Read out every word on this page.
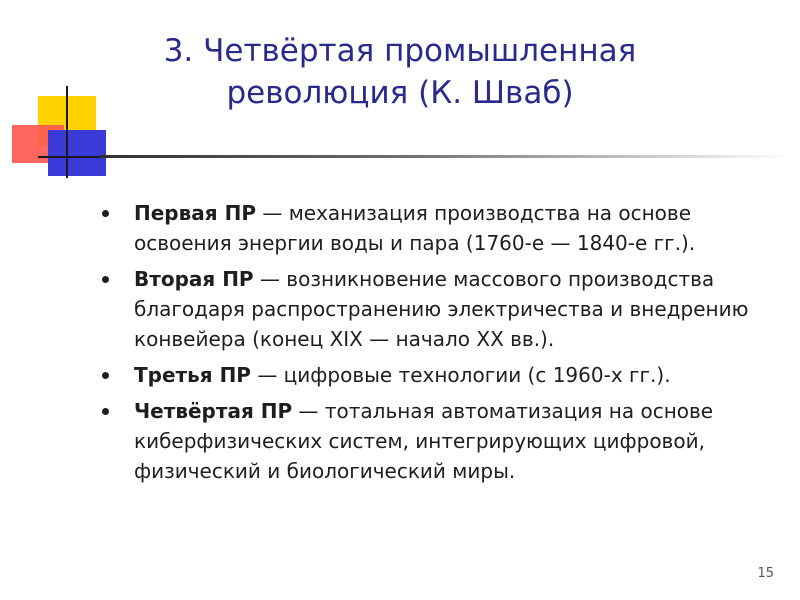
3. Четвёртая промышленная
революция (К. Шваб)
Первая ПР — механизация производства на основе освоения энергии воды и пара (1760-е — 1840-е гг.).
Вторая ПР — возникновение массового производства благодаря распространению электричества и внедрению конвейера (конец XIX — начало XX вв.).
Третья ПР — цифровые технологии (с 1960-х гг.).
Четвёртая ПР — тотальная автоматизация на основе киберфизических систем, интегрирующих цифровой, физический и биологический миры.
15
